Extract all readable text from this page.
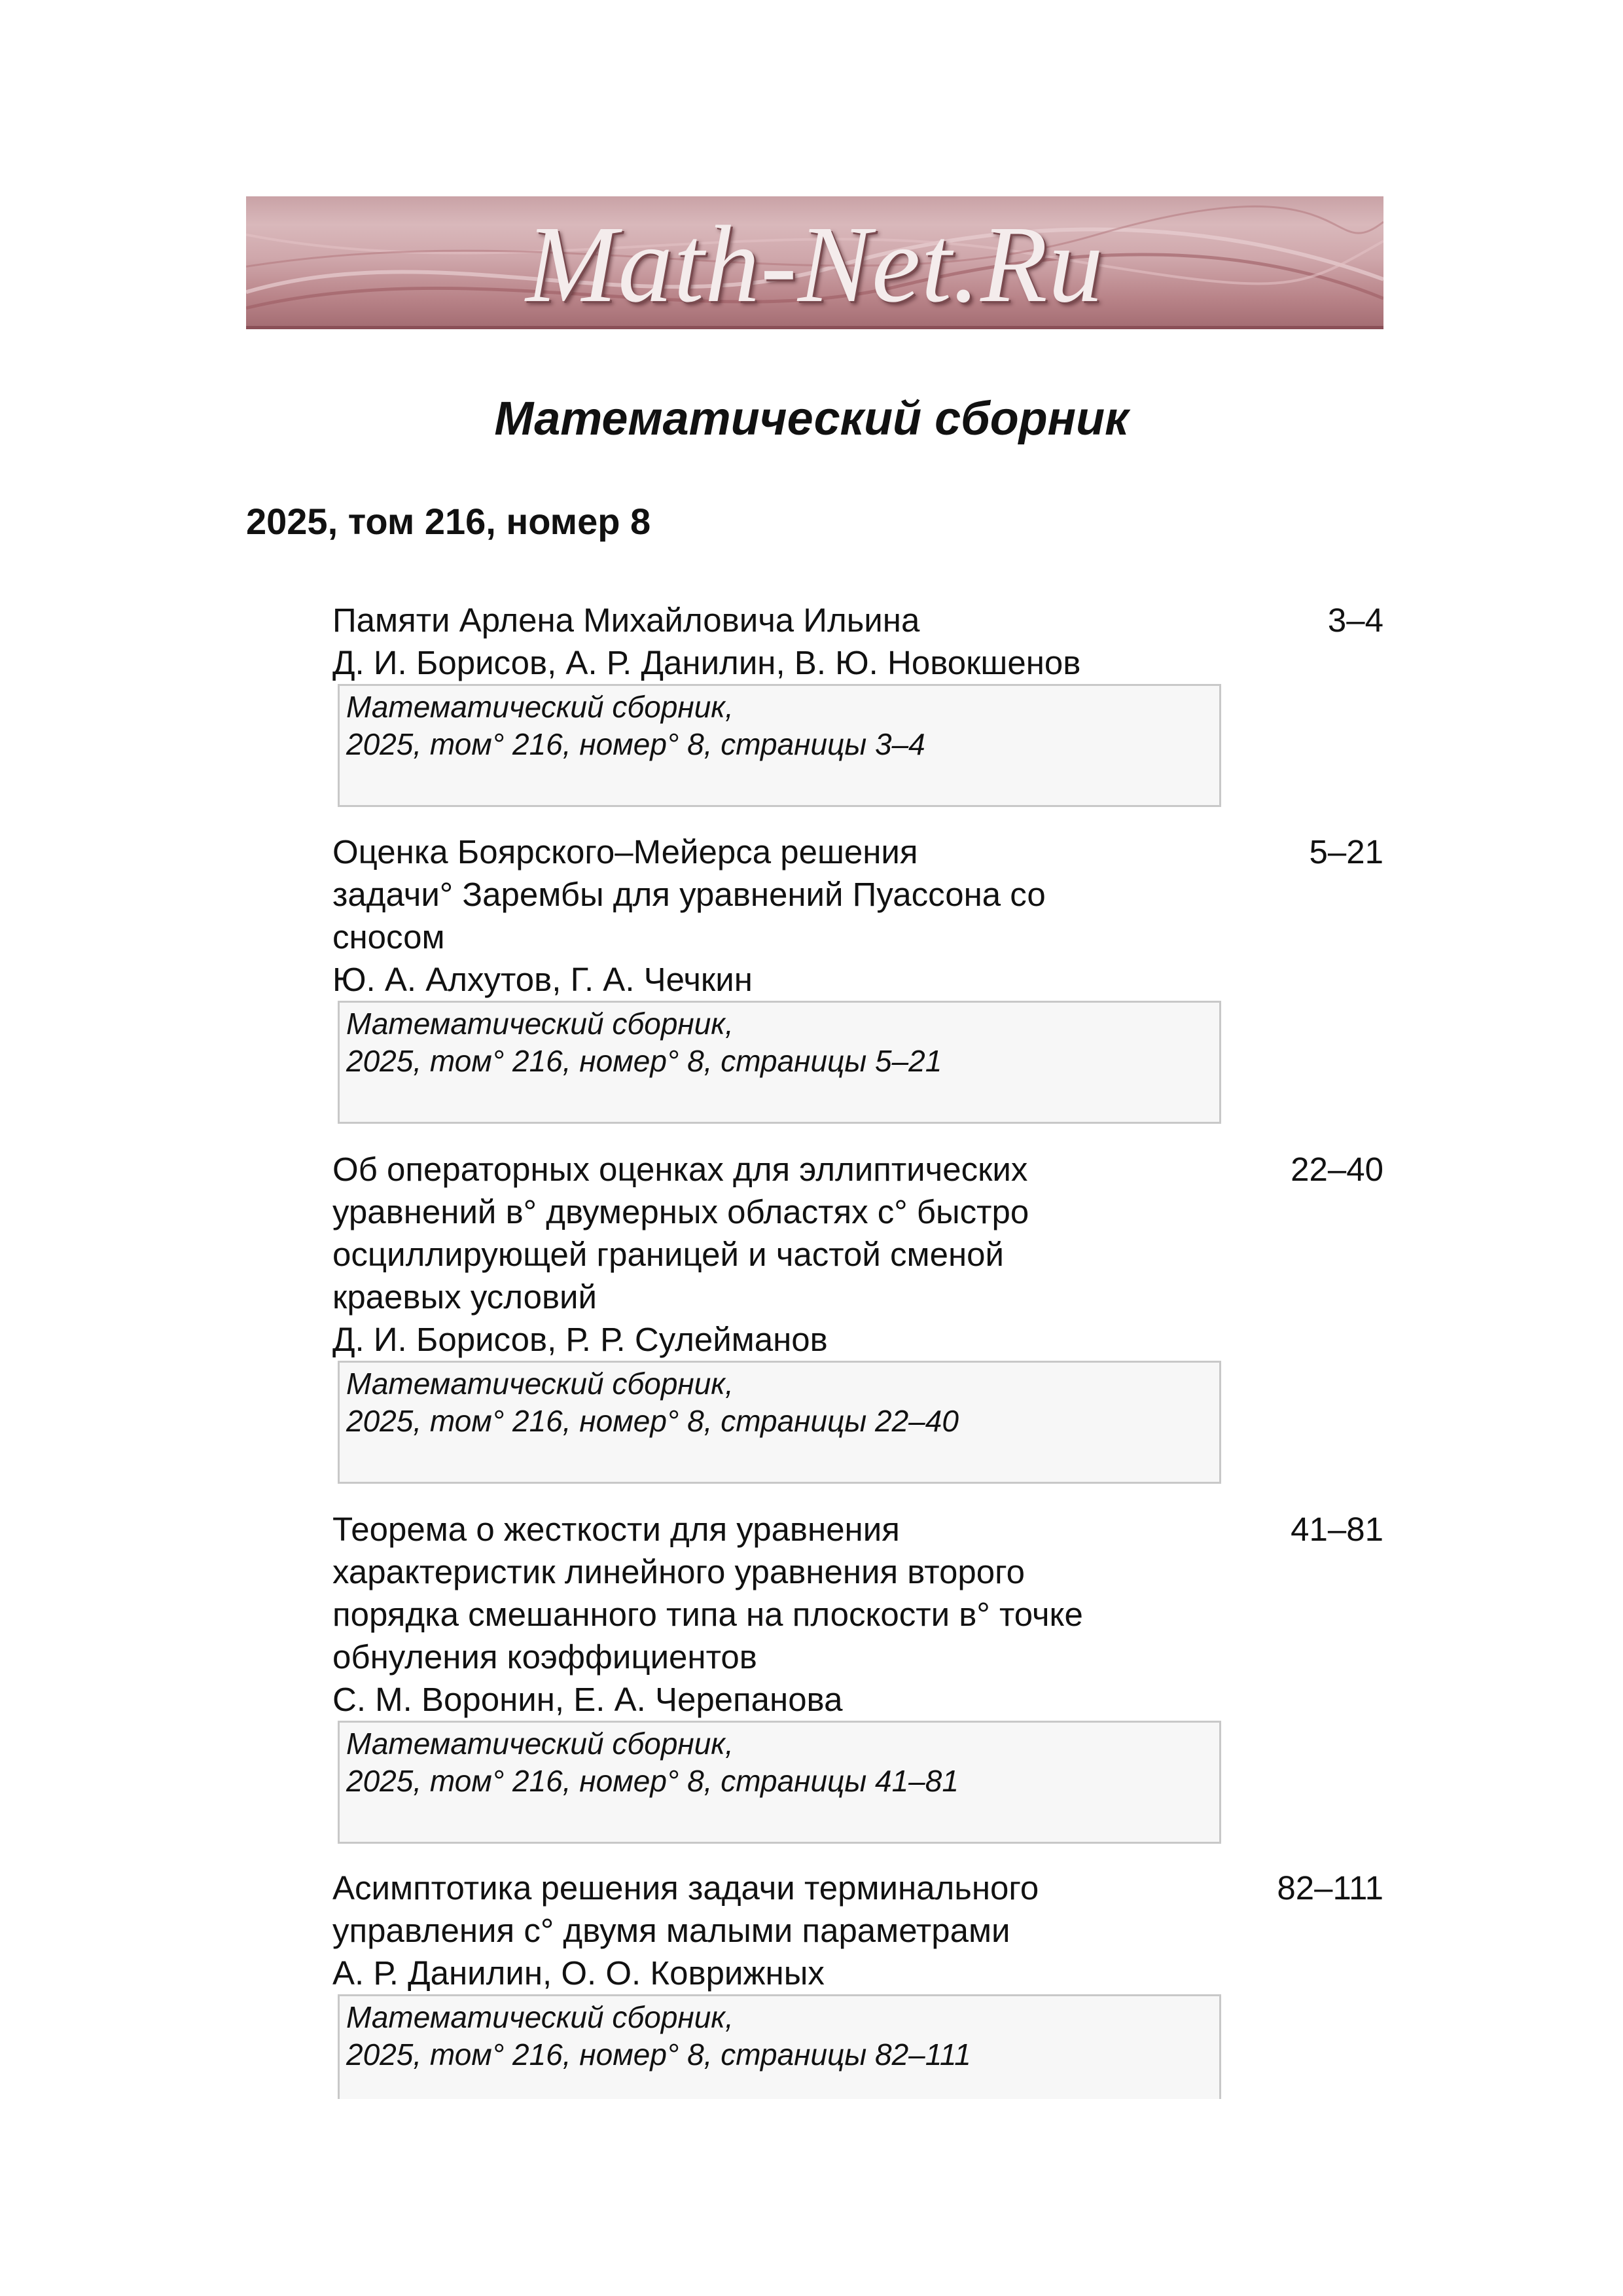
Math-Net.Ru
Математический сборник
2025, том 216, номер 8
Памяти Арлена Михайловича Ильина
Д. И. Борисов, А. Р. Данилин, В. Ю. Новокшенов
3–4
Математический сборник,
2025, том° 216, номер° 8, страницы 3–4
Оценка Боярского–Мейерса решения
задачи° Зарембы для уравнений Пуассона со
сносом
Ю. А. Алхутов, Г. А. Чечкин
5–21
Математический сборник,
2025, том° 216, номер° 8, страницы 5–21
Об операторных оценках для эллиптических
уравнений в° двумерных областях с° быстро
осциллирующей границей и частой сменой
краевых условий
Д. И. Борисов, Р. Р. Сулейманов
22–40
Математический сборник,
2025, том° 216, номер° 8, страницы 22–40
Теорема о жесткости для уравнения
характеристик линейного уравнения второго
порядка смешанного типа на плоскости в° точке
обнуления коэффициентов
С. М. Воронин, Е. А. Черепанова
41–81
Математический сборник,
2025, том° 216, номер° 8, страницы 41–81
Асимптотика решения задачи терминального
управления с° двумя малыми параметрами
А. Р. Данилин, О. О. Коврижных
82–111
Математический сборник,
2025, том° 216, номер° 8, страницы 82–111
